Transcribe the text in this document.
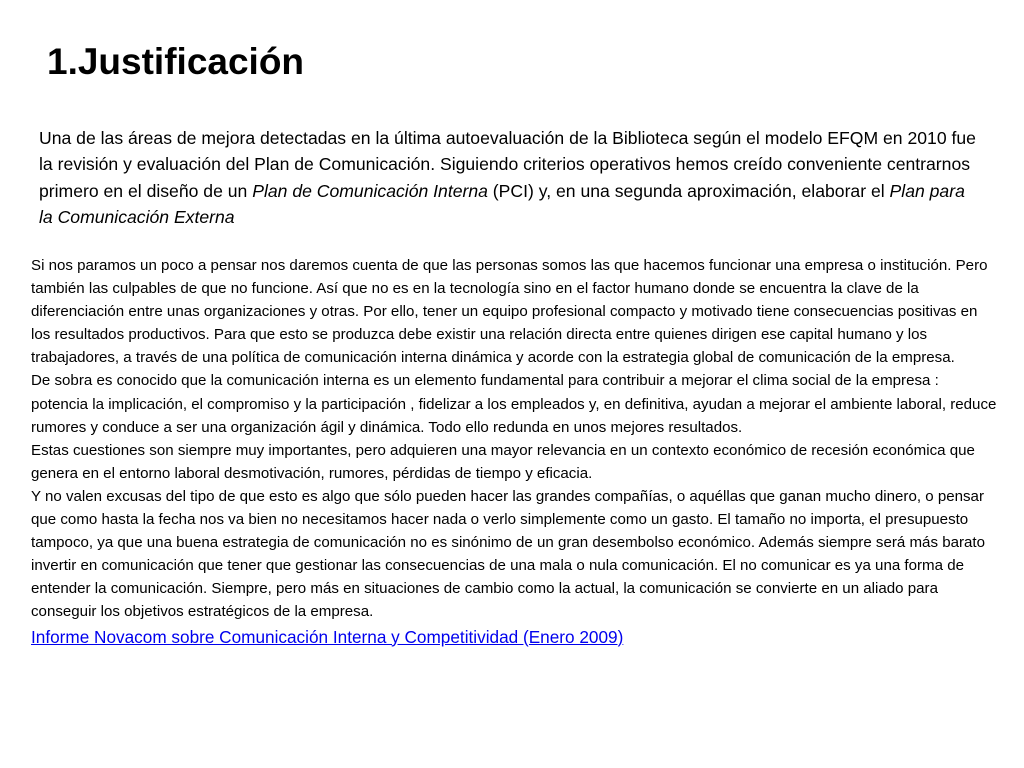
1.Justificación

Una de las áreas de mejora detectadas en la última autoevaluación de la Biblioteca según el modelo EFQM en 2010 fue la revisión y evaluación del Plan de Comunicación. Siguiendo criterios operativos hemos creído conveniente centrarnos primero en el diseño de un Plan de Comunicación Interna (PCI) y, en una segunda aproximación, elaborar el Plan para la Comunicación Externa

Si nos paramos un poco a pensar nos daremos cuenta de que las personas somos las que hacemos funcionar una empresa o institución. Pero también las culpables de que no funcione. Así que no es en la tecnología sino en el factor humano donde se encuentra la clave de la diferenciación entre unas organizaciones y otras. Por ello, tener un equipo profesional compacto y motivado tiene consecuencias positivas en los resultados productivos. Para que esto se produzca debe existir una relación directa entre quienes dirigen ese capital humano y los trabajadores, a través de una política de comunicación interna dinámica y acorde con la estrategia global de comunicación de la empresa.

De sobra es conocido que la comunicación interna es un elemento fundamental para contribuir a mejorar el clima social de la empresa : potencia la implicación, el compromiso y la participación , fidelizar a los empleados y, en definitiva, ayudan a mejorar el ambiente laboral, reduce rumores y conduce a ser una organización ágil y dinámica. Todo ello redunda en unos mejores resultados.

Estas cuestiones son siempre muy importantes, pero adquieren una mayor relevancia en un contexto económico de recesión económica que genera en el entorno laboral desmotivación, rumores, pérdidas de tiempo y eficacia.

Y no valen excusas del tipo de que esto es algo que sólo pueden hacer las grandes compañías, o aquéllas que ganan mucho dinero, o pensar que como hasta la fecha nos va bien no necesitamos hacer nada o verlo simplemente como un gasto. El tamaño no importa, el presupuesto tampoco, ya que una buena estrategia de comunicación no es sinónimo de un gran desembolso económico. Además siempre será más barato invertir en comunicación que tener que gestionar las consecuencias de una mala o nula comunicación. El no comunicar es ya una forma de entender la comunicación. Siempre, pero más en situaciones de cambio como la actual, la comunicación se convierte en un aliado para conseguir los objetivos estratégicos de la empresa.

Informe Novacom sobre Comunicación Interna y Competitividad (Enero 2009)
